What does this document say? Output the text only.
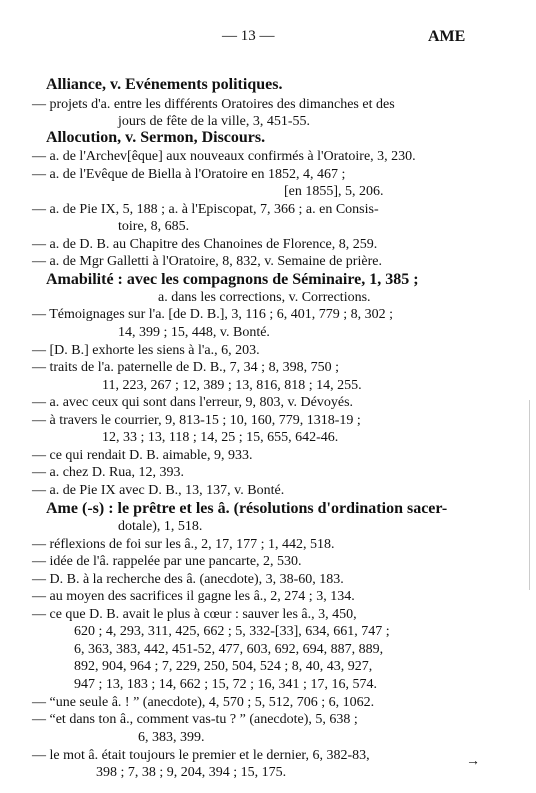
— 13 —	AME
Alliance, v. Evénements politiques.
— projets d'a. entre les différents Oratoires des dimanches et des
jours de fête de la ville, 3, 451-55.
Allocution, v. Sermon, Discours.
— a. de l'Archev[êque] aux nouveaux confirmés à l'Oratoire, 3, 230.
— a. de l'Evêque de Biella à l'Oratoire en 1852, 4, 467 ;
[en 1855], 5, 206.
— a. de Pie IX, 5, 188 ; a. à l'Episcopat, 7, 366 ; a. en Consis-
toire, 8, 685.
— a. de D. B. au Chapitre des Chanoines de Florence, 8, 259.
— a. de Mgr Galletti à l'Oratoire, 8, 832, v. Semaine de prière.
Amabilité : avec les compagnons de Séminaire, 1, 385 ;
a. dans les corrections, v. Corrections.
— Témoignages sur l'a. [de D. B.], 3, 116 ; 6, 401, 779 ; 8, 302 ;
14, 399 ; 15, 448, v. Bonté.
— [D. B.] exhorte les siens à l'a., 6, 203.
— traits de l'a. paternelle de D. B., 7, 34 ; 8, 398, 750 ;
11, 223, 267 ; 12, 389 ; 13, 816, 818 ; 14, 255.
— a. avec ceux qui sont dans l'erreur, 9, 803, v. Dévoyés.
— à travers le courrier, 9, 813-15 ; 10, 160, 779, 1318-19 ;
12, 33 ; 13, 118 ; 14, 25 ; 15, 655, 642-46.
— ce qui rendait D. B. aimable, 9, 933.
— a. chez D. Rua, 12, 393.
— a. de Pie IX avec D. B., 13, 137, v. Bonté.
Ame (-s) : le prêtre et les â. (résolutions d'ordination sacer-
dotale), 1, 518.
— réflexions de foi sur les â., 2, 17, 177 ; 1, 442, 518.
— idée de l'â. rappelée par une pancarte, 2, 530.
— D. B. à la recherche des â. (anecdote), 3, 38-60, 183.
— au moyen des sacrifices il gagne les â., 2, 274 ; 3, 134.
— ce que D. B. avait le plus à cœur : sauver les â., 3, 450,
620 ; 4, 293, 311, 425, 662 ; 5, 332-[33], 634, 661, 747 ;
6, 363, 383, 442, 451-52, 477, 603, 692, 694, 887, 889,
892, 904, 964 ; 7, 229, 250, 504, 524 ; 8, 40, 43, 927,
947 ; 13, 183 ; 14, 662 ; 15, 72 ; 16, 341 ; 17, 16, 574.
— “une seule â. ! ” (anecdote), 4, 570 ; 5, 512, 706 ; 6, 1062.
— “et dans ton â., comment vas-tu ? ” (anecdote), 5, 638 ;
6, 383, 399.
— le mot â. était toujours le premier et le dernier, 6, 382-83,
398 ; 7, 38 ; 9, 204, 394 ; 15, 175.
→
